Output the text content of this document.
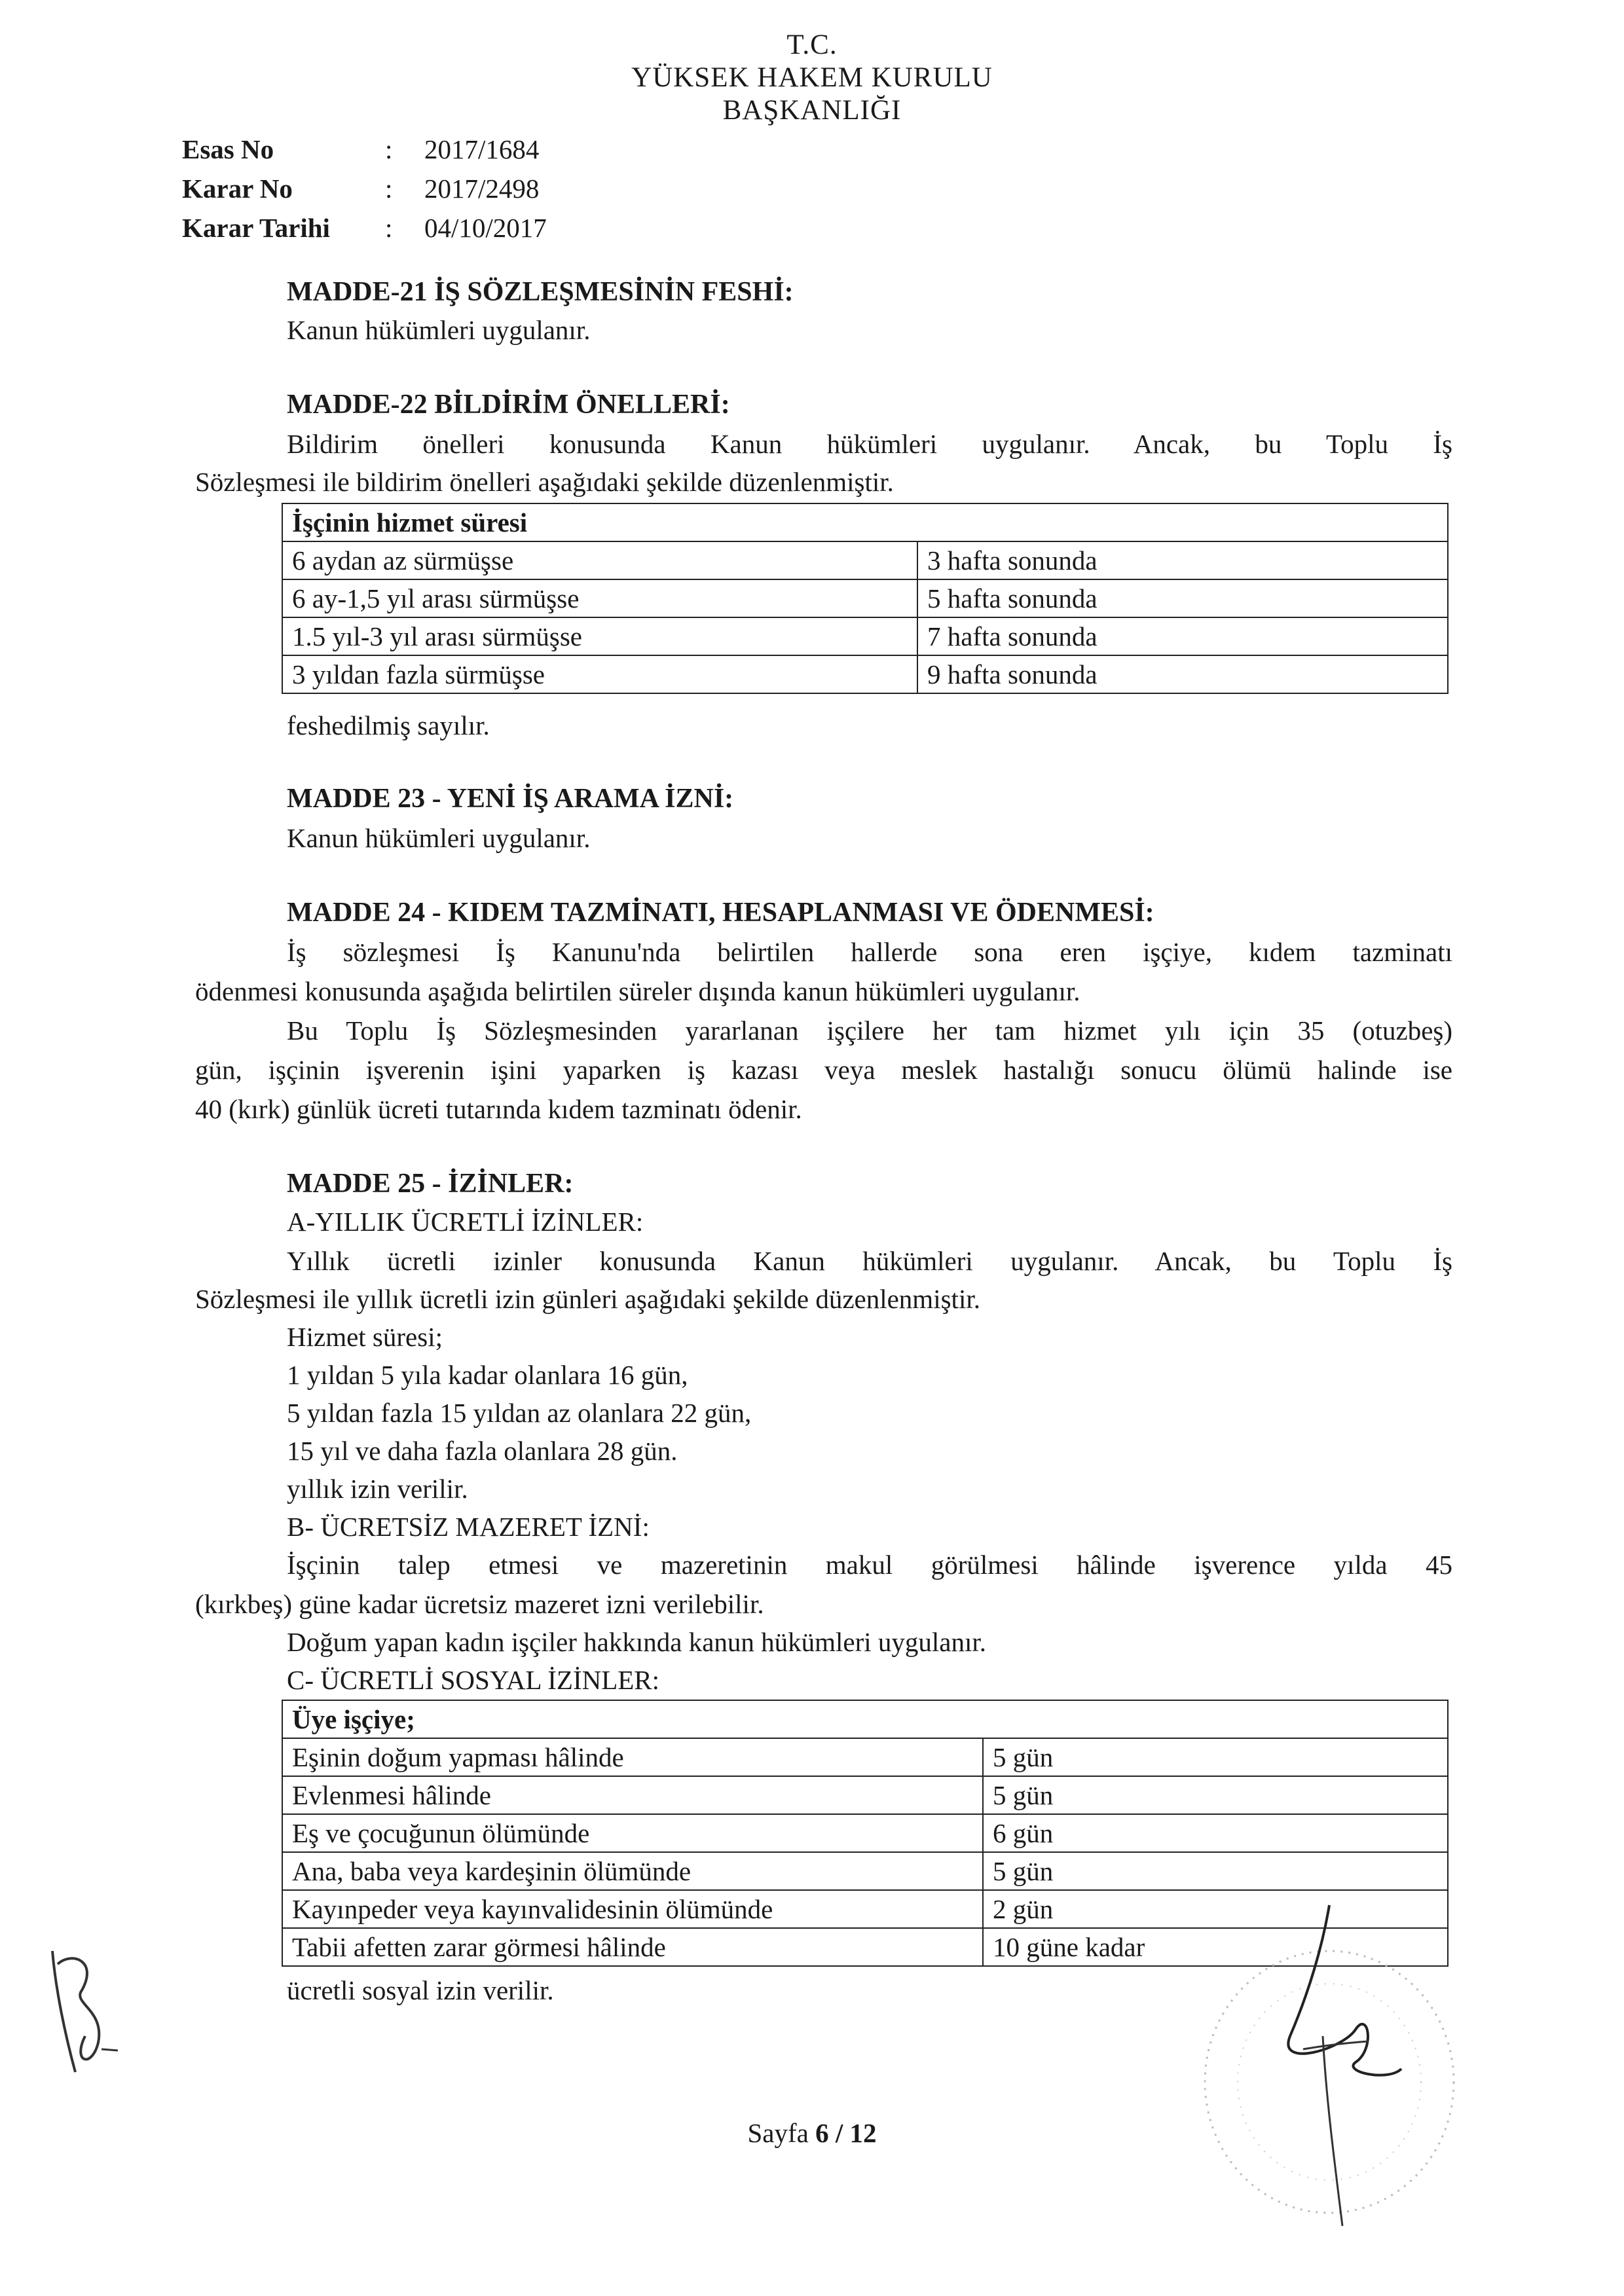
T.C.
YÜKSEK HAKEM KURULU
BAŞKANLIĞI
Esas No	:	2017/1684
Karar No	:	2017/2498
Karar Tarihi	:	04/10/2017
MADDE-21 İŞ SÖZLEŞMESİNİN FESHİ:
Kanun hükümleri uygulanır.
MADDE-22 BİLDİRİM ÖNELLERİ:
Bildirim önelleri konusunda Kanun hükümleri uygulanır. Ancak, bu Toplu İş
Sözleşmesi ile bildirim önelleri aşağıdaki şekilde düzenlenmiştir.
İşçinin hizmet süresi	
6 aydan az sürmüşse	3 hafta sonunda
6 ay-1,5 yıl arası sürmüşse	5 hafta sonunda
1.5 yıl-3 yıl arası sürmüşse	7 hafta sonunda
3 yıldan fazla sürmüşse	9 hafta sonunda
feshedilmiş sayılır.
MADDE 23 - YENİ İŞ ARAMA İZNİ:
Kanun hükümleri uygulanır.
MADDE 24 - KIDEM TAZMİNATI, HESAPLANMASI VE ÖDENMESİ:
İş sözleşmesi İş Kanunu'nda belirtilen hallerde sona eren işçiye, kıdem tazminatı
ödenmesi konusunda aşağıda belirtilen süreler dışında kanun hükümleri uygulanır.
Bu Toplu İş Sözleşmesinden yararlanan işçilere her tam hizmet yılı için 35 (otuzbeş)
gün, işçinin işverenin işini yaparken iş kazası veya meslek hastalığı sonucu ölümü halinde ise
40 (kırk) günlük ücreti tutarında kıdem tazminatı ödenir.
MADDE 25 - İZİNLER:
A-YILLIK ÜCRETLİ İZİNLER:
Yıllık ücretli izinler konusunda Kanun hükümleri uygulanır. Ancak, bu Toplu İş
Sözleşmesi ile yıllık ücretli izin günleri aşağıdaki şekilde düzenlenmiştir.
Hizmet süresi;
1 yıldan 5 yıla kadar olanlara 16 gün,
5 yıldan fazla 15 yıldan az olanlara 22 gün,
15 yıl ve daha fazla olanlara 28 gün.
yıllık izin verilir.
B- ÜCRETSİZ MAZERET İZNİ:
İşçinin talep etmesi ve mazeretinin makul görülmesi hâlinde işverence yılda 45
(kırkbeş) güne kadar ücretsiz mazeret izni verilebilir.
Doğum yapan kadın işçiler hakkında kanun hükümleri uygulanır.
C- ÜCRETLİ SOSYAL İZİNLER:
Üye işçiye;	
Eşinin doğum yapması hâlinde	5 gün
Evlenmesi hâlinde	5 gün
Eş ve çocuğunun ölümünde	6 gün
Ana, baba veya kardeşinin ölümünde	5 gün
Kayınpeder veya kayınvalidesinin ölümünde	2 gün
Tabii afetten zarar görmesi hâlinde	10 güne kadar
ücretli sosyal izin verilir.
Sayfa 6 / 12
